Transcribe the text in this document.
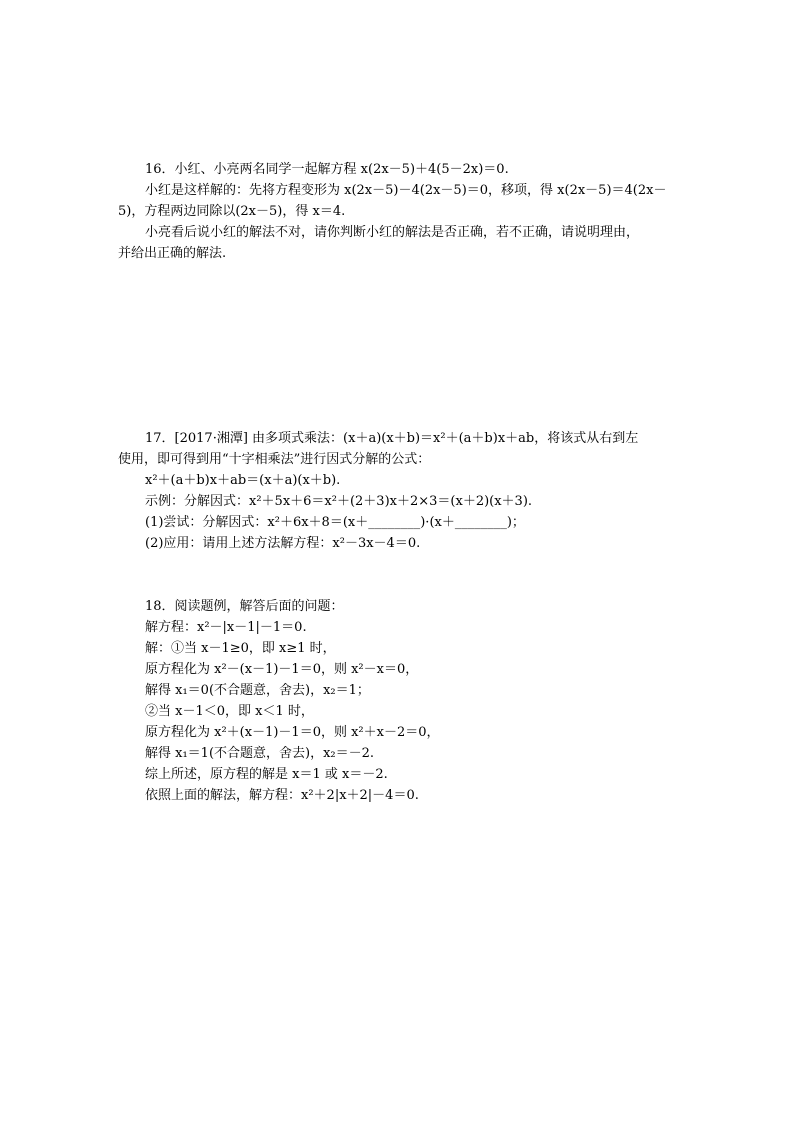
16．小红、小亮两名同学一起解方程 x(2x－5)＋4(5－2x)＝0.
小红是这样解的：先将方程变形为 x(2x－5)－4(2x－5)＝0，移项，得 x(2x－5)＝4(2x－
5)，方程两边同除以(2x－5)，得 x＝4.
小亮看后说小红的解法不对，请你判断小红的解法是否正确，若不正确，请说明理由，
并给出正确的解法.
17．[2017·湘潭] 由多项式乘法：(x＋a)(x＋b)＝x²＋(a＋b)x＋ab，将该式从右到左
使用，即可得到用“十字相乘法”进行因式分解的公式：
x²＋(a＋b)x＋ab＝(x＋a)(x＋b).
示例：分解因式：x²＋5x＋6＝x²＋(2＋3)x＋2×3＝(x＋2)(x＋3).
(1)尝试：分解因式：x²＋6x＋8＝(x＋________)·(x＋________)；
(2)应用：请用上述方法解方程：x²－3x－4＝0.
18．阅读题例，解答后面的问题：
解方程：x²－|x－1|－1＝0.
解：①当 x－1≥0，即 x≥1 时，
原方程化为 x²－(x－1)－1＝0，则 x²－x＝0，
解得 x₁＝0(不合题意，舍去)，x₂＝1；
②当 x－1＜0，即 x＜1 时，
原方程化为 x²＋(x－1)－1＝0，则 x²＋x－2＝0，
解得 x₁＝1(不合题意，舍去)，x₂＝－2.
综上所述，原方程的解是 x＝1 或 x＝－2.
依照上面的解法，解方程：x²＋2|x＋2|－4＝0.
